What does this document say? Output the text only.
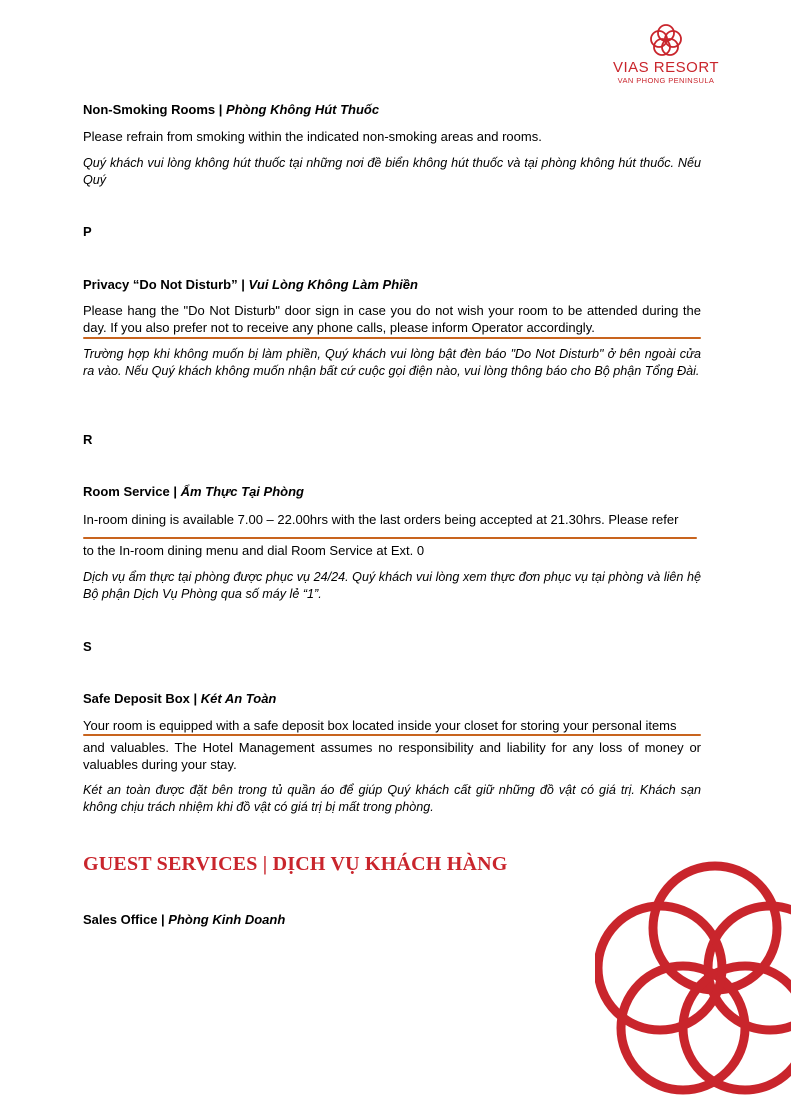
VIAS RESORT
VAN PHONG PENINSULA
Non-Smoking Rooms | Phòng Không Hút Thuốc
Please refrain from smoking within the indicated non-smoking areas and rooms.
Quý khách vui lòng không hút thuốc tại những nơi đề biển không hút thuốc và tại phòng không hút thuốc. Nếu Quý
P
Privacy “Do Not Disturb” | Vui Lòng Không Làm Phiền
Please hang the "Do Not Disturb" door sign in case you do not wish your room to be attended during the day. If you also prefer not to receive any phone calls, please inform Operator accordingly.
Trường hợp khi không muốn bị làm phiền, Quý khách vui lòng bật đèn báo "Do Not Disturb" ở bên ngoài cửa ra vào. Nếu Quý khách không muốn nhận bất cứ cuộc gọi điện nào, vui lòng thông báo cho Bộ phận Tổng Đài.
R
Room Service | Ẩm Thực Tại Phòng
In-room dining is available 7.00 – 22.00hrs with the last orders being accepted at 21.30hrs. Please refer
to the In-room dining menu and dial Room Service at Ext. 0
Dịch vụ ẩm thực tại phòng được phục vụ 24/24. Quý khách vui lòng xem thực đơn phục vụ tại phòng và liên hệ Bộ phận Dịch Vụ Phòng qua số máy lẻ “1”.
S
Safe Deposit Box | Két An Toàn
Your room is equipped with a safe deposit box located inside your closet for storing your personal items
and valuables. The Hotel Management assumes no responsibility and liability for any loss of money or valuables during your stay.
Két an toàn được đặt bên trong tủ quần áo để giúp Quý khách cất giữ những đồ vật có giá trị. Khách sạn không chịu trách nhiệm khi đồ vật có giá trị bị mất trong phòng.
GUEST SERVICES | DỊCH VỤ KHÁCH HÀNG
Sales Office | Phòng Kinh Doanh
